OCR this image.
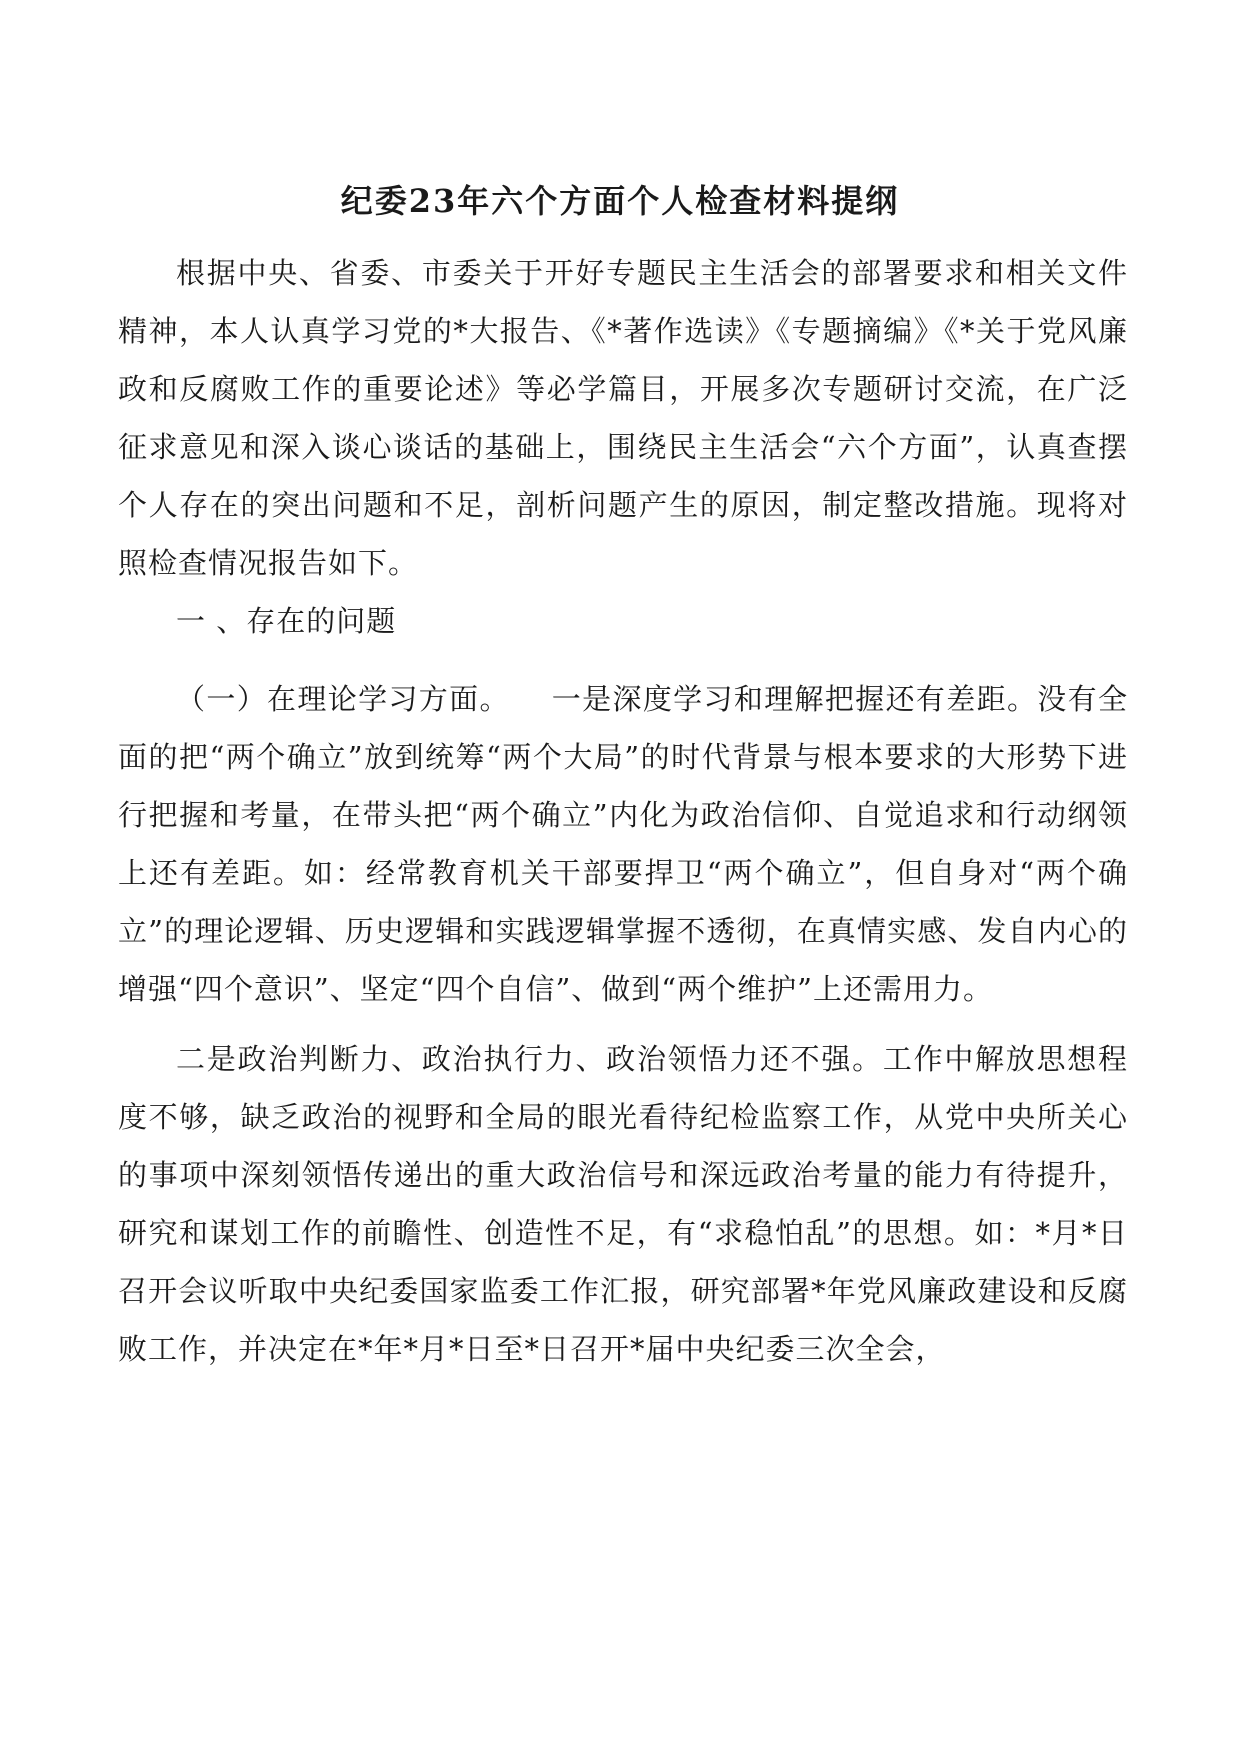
纪委23年六个方面个人检查材料提纲

根据中央、省委、市委关于开好专题民主生活会的部署要求和相关文件精神，本人认真学习党的*大报告、《*著作选读》《专题摘编》《*关于党风廉政和反腐败工作的重要论述》等必学篇目，开展多次专题研讨交流，在广泛征求意见和深入谈心谈话的基础上，围绕民主生活会“六个方面”，认真查摆个人存在的突出问题和不足，剖析问题产生的原因，制定整改措施。现将对照检查情况报告如下。

一 、存在的问题

（一）在理论学习方面。 一是深度学习和理解把握还有差距。没有全面的把“两个确立”放到统筹“两个大局”的时代背景与根本要求的大形势下进行把握和考量，在带头把“两个确立”内化为政治信仰、自觉追求和行动纲领上还有差距。如：经常教育机关干部要捍卫“两个确立”，但自身对“两个确立”的理论逻辑、历史逻辑和实践逻辑掌握不透彻，在真情实感、发自内心的增强“四个意识”、坚定“四个自信”、做到“两个维护”上还需用力。

二是政治判断力、政治执行力、政治领悟力还不强。工作中解放思想程度不够，缺乏政治的视野和全局的眼光看待纪检监察工作，从党中央所关心的事项中深刻领悟传递出的重大政治信号和深远政治考量的能力有待提升，研究和谋划工作的前瞻性、创造性不足，有“求稳怕乱”的思想。如：*月*日召开会议听取中央纪委国家监委工作汇报，研究部署*年党风廉政建设和反腐败工作，并决定在*年*月*日至*日召开*届中央纪委三次全会，
